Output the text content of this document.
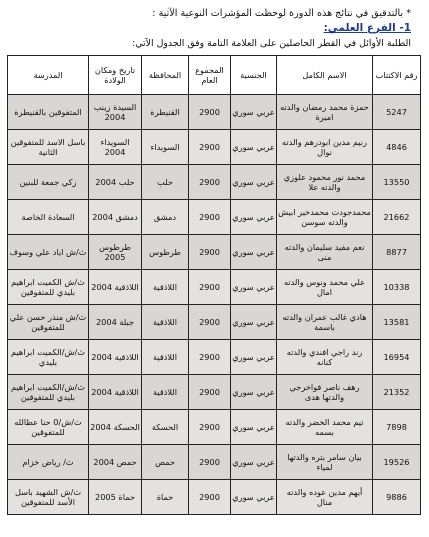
* بالتدقيق في نتائج هذه الدورة لوحظت المؤشرات النوعية الآتية :
1- الفرع العلمي:
الطلبة الأوائل في القطر الحاصلين على العلامة التامة وفق الجدول الآتي:
رقم الاكتتاب	الاسم الكامل	الجنسية	المجموع العام	المحافظة	تاريخ ومكان الولادة	المدرسة
5247	حمزة محمد رمضان والدته اميرة	عربي سوري	2900	القنيطرة	السيدة زينب 2004	المتفوقين بالقنيطرة
4846	رنيم مدين ابودرهم والدته نوال	عربي سوري	2900	السويداء	السويداء 2004	باسل الاسد للمتفوقين الثانية
13550	محمد نور محمود علوزي والدته علا	عربي سوري	2900	حلب	حلب 2004	زكي جمعة للبنين
21662	محمدجودت محمدخير ابيش والدته سوسن	عربي سوري	2900	دمشق	دمشق 2004	السعادة الخاصة
8877	نعم مفيد سليمان والدته منى	عربي سوري	2900	طرطوس	طرطوس 2005	ث/ش اياد علي وسوف
10338	علي محمد ونوس والدته امال	عربي سوري	2900	اللاذقية	اللاذقية 2004	ث/ش الكميت ابراهيم بليدي للمتفوقين
13581	هادي غالب عمران والدته باسمة	عربي سوري	2900	اللاذقية	جبلة 2004	ث/ش منذر حسن علي للمتفوقين
16954	رند راجي افندي والدته كنانه	عربي سوري	2900	اللاذقية	اللاذقية 2004	ث/ش/الكميت ابراهيم بليدي
21352	رهف ناصر فواخرجي والدتها هدى	عربي سوري	2900	اللاذقية	اللاذقية 2004	ث/ش/الكميت ابراهيم بليدي للمتفوقين
7898	تيم محمد الخضر والدته بسمه	عربي سوري	2900	الحسكة	الحسكة 2004	ث/ش/0 حنا عطالله للمتفوقين
19526	بيان سامر بتره والدتها لمياء	عربي سوري	2900	حمص	حمص 2004	ث/ رياض خزام
9886	أيهم مدين عوده والدته منال	عربي سوري	2900	حماة	حماة 2005	ث/ش الشهيد باسل الأسد للمتفوقين
